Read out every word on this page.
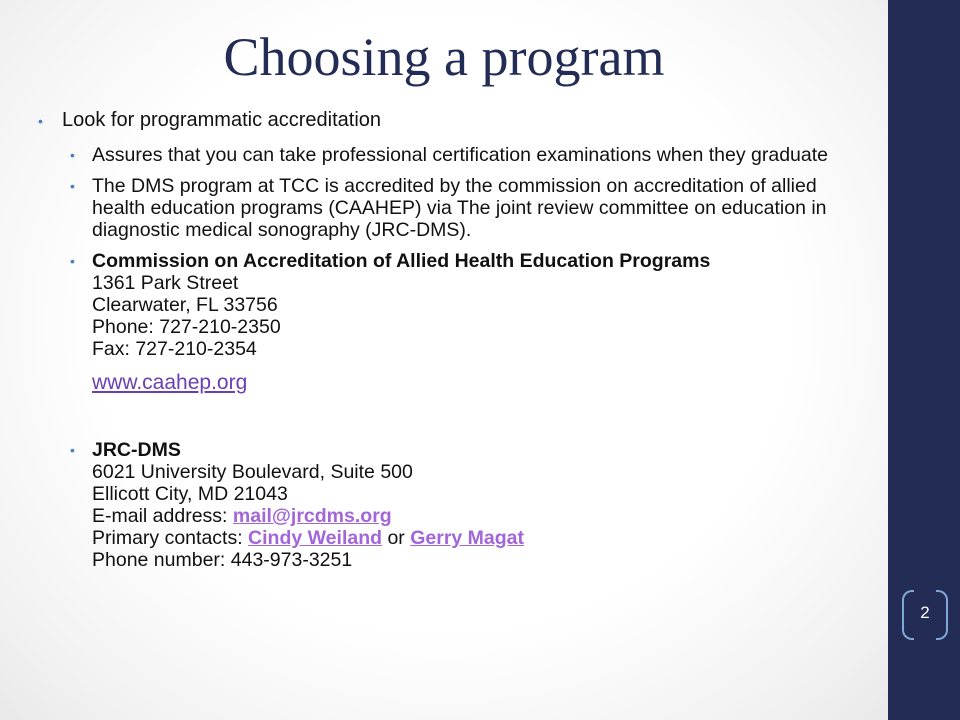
2
Choosing a program
• Look for programmatic accreditation
• Assures that you can take professional certification examinations when they graduate
• The DMS program at TCC is accredited by the commission on accreditation of allied health education programs (CAAHEP) via The joint review committee on education in diagnostic medical sonography (JRC-DMS).
• Commission on Accreditation of Allied Health Education Programs
1361 Park Street
Clearwater, FL 33756
Phone: 727-210-2350
Fax: 727-210-2354
www.caahep.org
• JRC-DMS
6021 University Boulevard, Suite 500
Ellicott City, MD 21043
E-mail address: mail@jrcdms.org
Primary contacts: Cindy Weiland or Gerry Magat
Phone number: 443-973-3251
